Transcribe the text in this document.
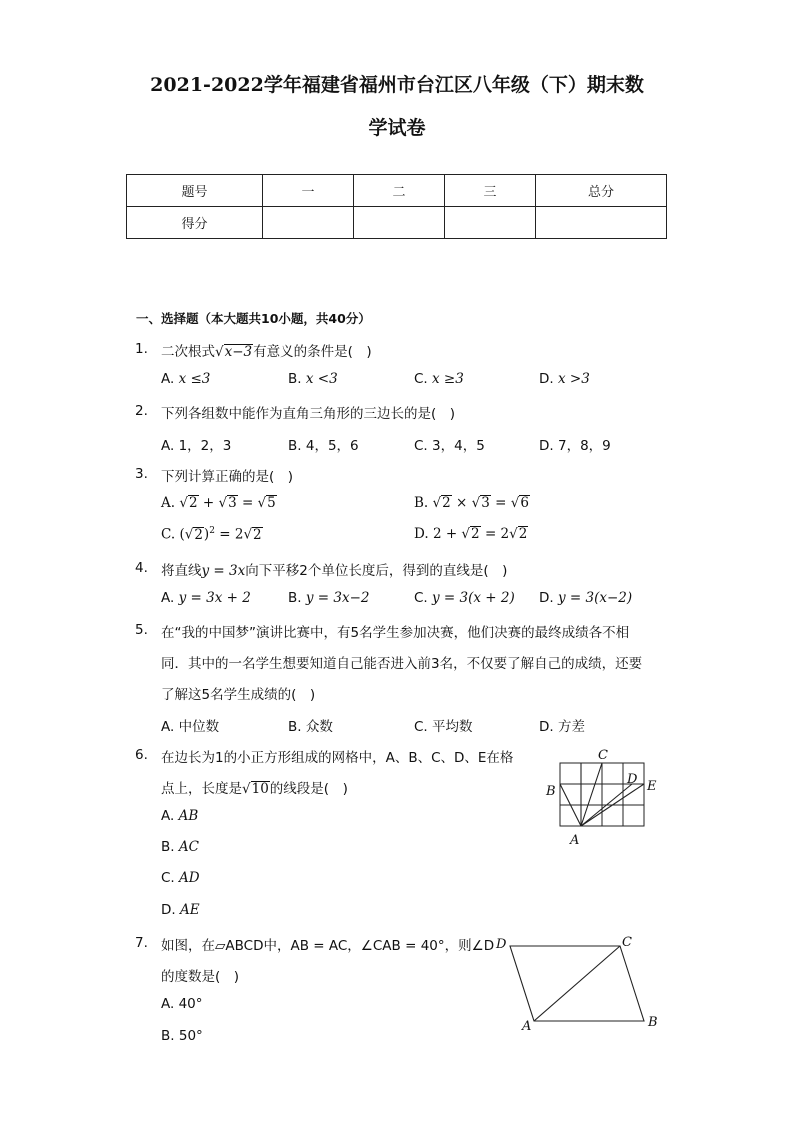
2021-2022学年福建省福州市台江区八年级（下）期末数
学试卷
题号	一	二	三	总分
得分				
一、选择题（本大题共10小题，共40分）
1. 二次根式√x−3有意义的条件是(　)
A. x ≤3	B. x <3	C. x ≥3	D. x >3
2. 下列各组数中能作为直角三角形的三边长的是(　)
A. 1，2，3	B. 4，5，6	C. 3，4，5	D. 7，8，9
3. 下列计算正确的是(　)
A. √2 + √3 = √5	B. √2 × √3 = √6
C. $(√2)^2 = 2√2$	D. 2 + √2 = 2√2
4. 将直线y = 3x向下平移2个单位长度后，得到的直线是(　)
A. y = 3x + 2	B. y = 3x−2	C. y = 3(x + 2) D. y = 3(x−2)
5. 在“我的中国梦”演讲比赛中，有5名学生参加决赛，他们决赛的最终成绩各不相
同．其中的一名学生想要知道自己能否进入前3名，不仅要了解自己的成绩，还要
了解这5名学生成绩的(　)
A. 中位数	B. 众数	C. 平均数	D. 方差
6. 在边长为1的小正方形组成的网格中，A、B、C、D、E在格
点上，长度是√10的线段是(　)
A. AB
B. AC
C. AD
D. AE
C
B
D E
A
7. 如图，在▱ABCD中，AB = AC，∠CAB = 40°，则∠D
的度数是(　)
A. 40°
B. 50°
D	C
A	B
